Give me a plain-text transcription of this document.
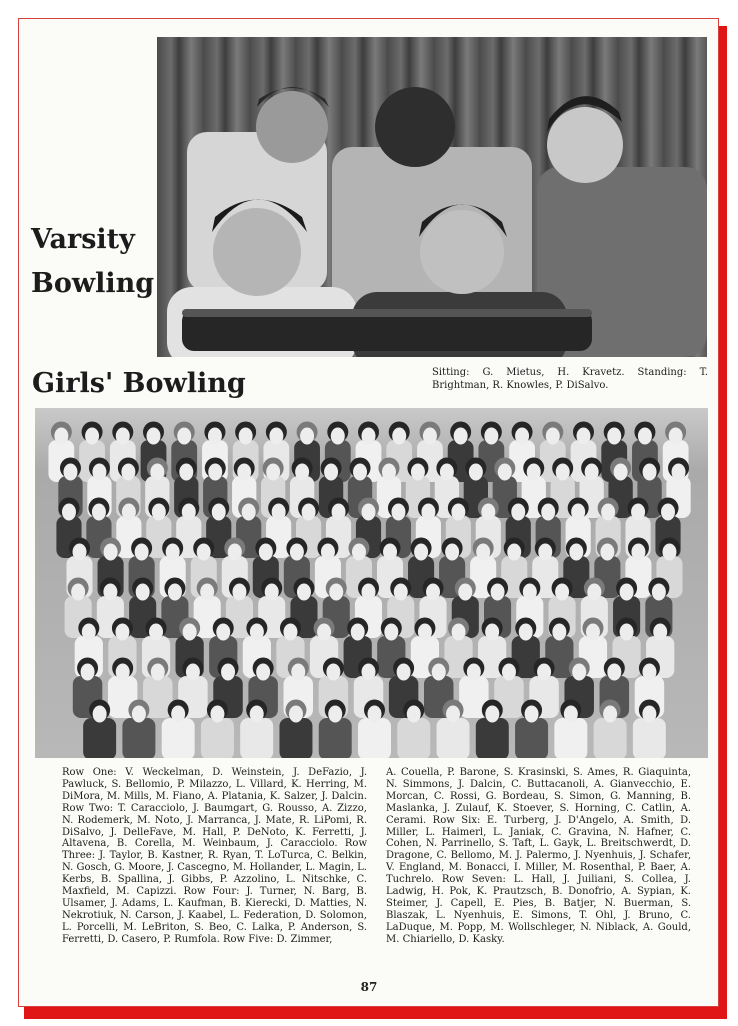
Varsity Bowling
Girls' Bowling	Sitting: G. Mietus, H. Kravetz. Standing: T. Brightman, R. Knowles, P. DiSalvo.

Row One: V. Weckelman, D. Weinstein, J. DeFazio, J. Pawluck, S. Bellomio, P. Milazzo, L. Villard, K. Herring, M. DiMora, M. Mills, M. Fiano, A. Platania, K. Salzer, J. Dalcin. Row Two: T. Caracciolo, J. Baumgart, G. Rousso, A. Zizzo, N. Rodemerk, M. Noto, J. Marranca, J. Mate, R. LiPomi, R. DiSalvo, J. DelleFave, M. Hall, P. DeNoto, K. Ferretti, J. Altavena, B. Corella, M. Weinbaum, J. Caracciolo. Row Three: J. Taylor, B. Kastner, R. Ryan, T. LoTurca, C. Belkin, N. Gosch, G. Moore, J. Cascegno, M. Hollander, L. Magin, L. Kerbs, B. Spallina, J. Gibbs, P. Azzolino, L. Nitschke, C. Maxfield, M. Capizzi. Row Four: J. Turner, N. Barg, B. Ulsamer, J. Adams, L. Kaufman, B. Kierecki, D. Matties, N. Nekrotiuk, N. Carson, J. Kaabel, L. Federation, D. Solomon, L. Porcelli, M. LeBriton, S. Beo, C. Lalka, P. Anderson, S. Ferretti, D. Casero, P. Rumfola. Row Five: D. Zimmer,

A. Couella, P. Barone, S. Krasinski, S. Ames, R. Giaquinta, N. Simmons, J. Dalcin, C. Buttacanoli, A. Gianvecchio, E. Morcan, C. Rossi, G. Bordeau, S. Simon, G. Manning, B. Maslanka, J. Zulauf, K. Stoever, S. Horning, C. Catlin, A. Cerami. Row Six: E. Turberg, J. D'Angelo, A. Smith, D. Miller, L. Haimerl, L. Janiak, C. Gravina, N. Hafner, C. Cohen, N. Parrinello, S. Taft, L. Gayk, L. Breitschwerdt, D. Dragone, C. Bellomo, M. J. Palermo, J. Nyenhuis, J. Schafer, V. England, M. Bonacci, I. Miller, M. Rosenthal, P. Baer, A. Tuchrelo. Row Seven: L. Hall, J. Juiliani, S. Collea, J. Ladwig, H. Pok, K. Prautzsch, B. Donofrio, A. Sypian, K. Steimer, J. Capell, E. Pies, B. Batjer, N. Buerman, S. Blaszak, L. Nyenhuis, E. Simons, T. Ohl, J. Bruno, C. LaDuque, M. Popp, M. Wollschleger, N. Niblack, A. Gould, M. Chiariello, D. Kasky.

87
